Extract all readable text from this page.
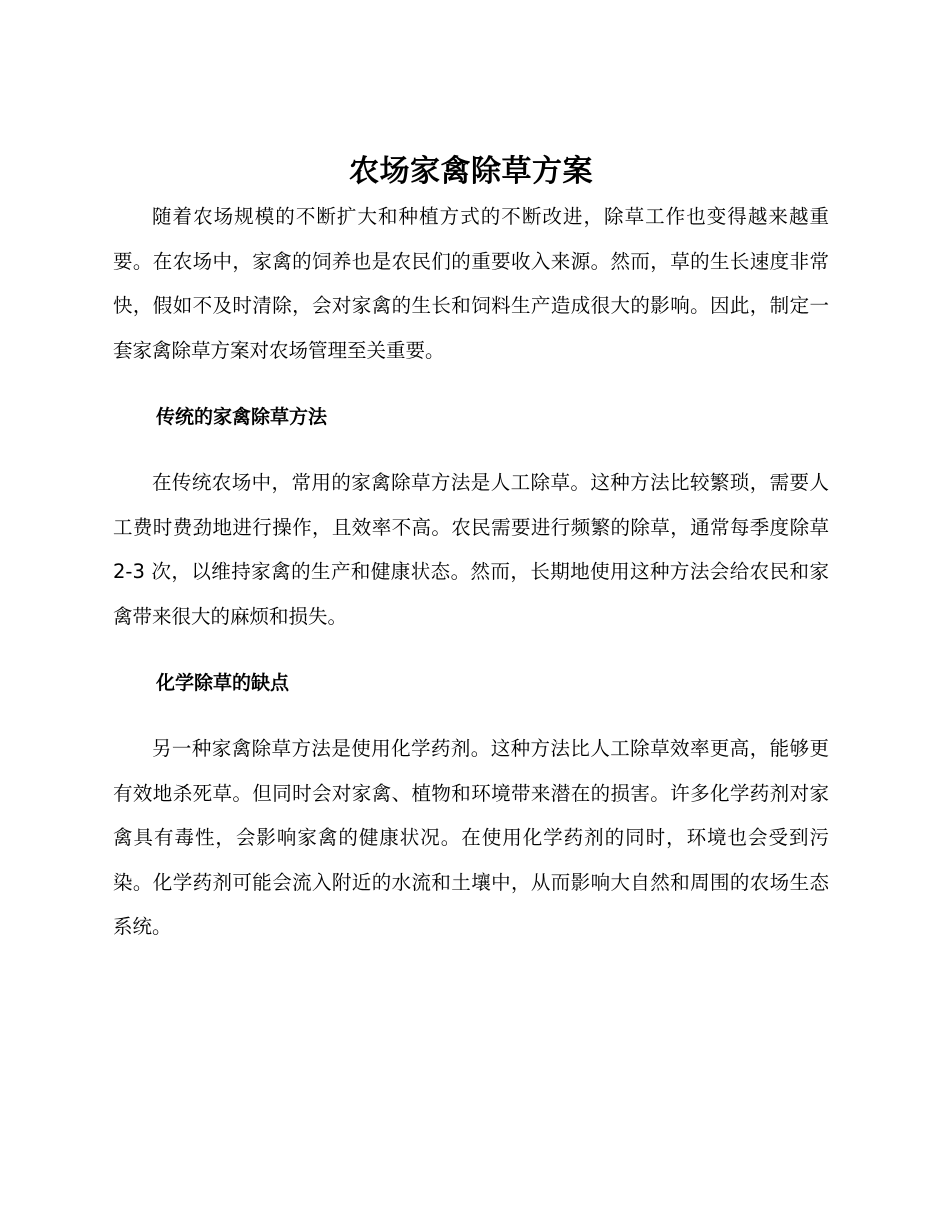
农场家禽除草方案

随着农场规模的不断扩大和种植方式的不断改进，除草工作也变得越来越重要。在农场中，家禽的饲养也是农民们的重要收入来源。然而，草的生长速度非常快，假如不及时清除，会对家禽的生长和饲料生产造成很大的影响。因此，制定一套家禽除草方案对农场管理至关重要。

传统的家禽除草方法

在传统农场中，常用的家禽除草方法是人工除草。这种方法比较繁琐，需要人工费时费劲地进行操作，且效率不高。农民需要进行频繁的除草，通常每季度除草 2-3 次，以维持家禽的生产和健康状态。然而，长期地使用这种方法会给农民和家禽带来很大的麻烦和损失。

化学除草的缺点

另一种家禽除草方法是使用化学药剂。这种方法比人工除草效率更高，能够更有效地杀死草。但同时会对家禽、植物和环境带来潜在的损害。许多化学药剂对家禽具有毒性，会影响家禽的健康状况。在使用化学药剂的同时，环境也会受到污染。化学药剂可能会流入附近的水流和土壤中，从而影响大自然和周围的农场生态系统。
